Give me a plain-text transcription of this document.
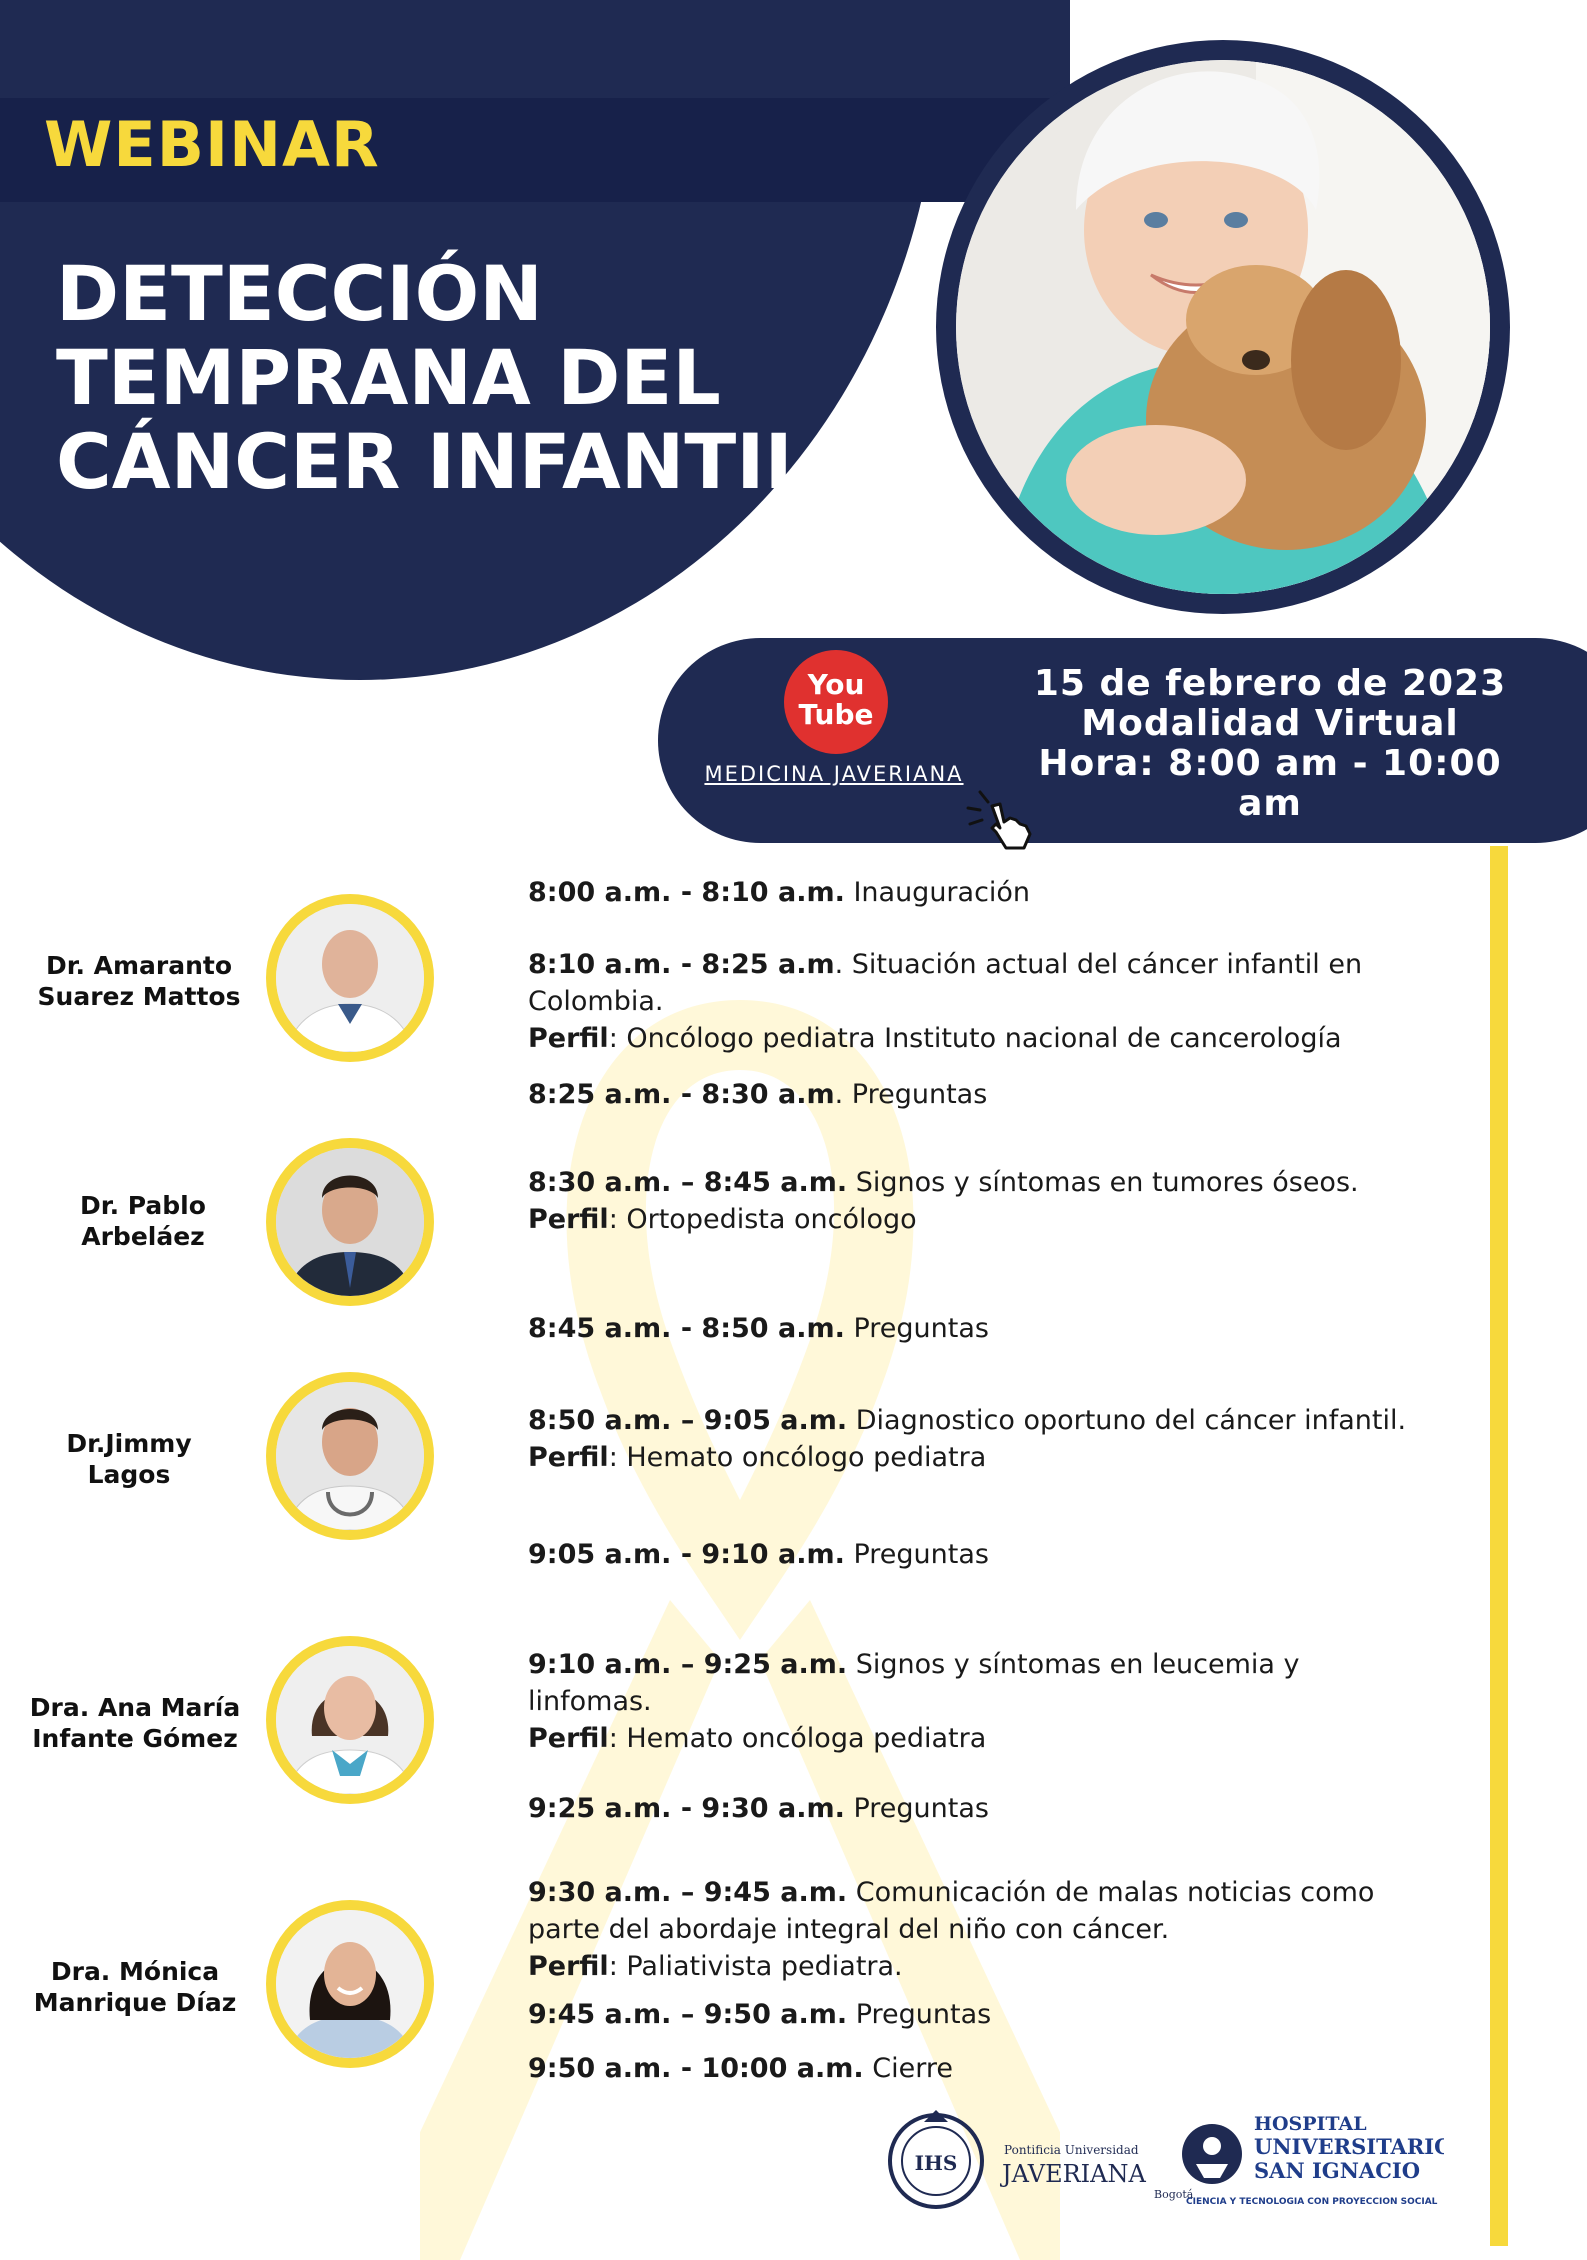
WEBINAR
DETECCIÓN
TEMPRANA DEL
CÁNCER INFANTIL
You
Tube
MEDICINA JAVERIANA
15 de febrero de 2023
Modalidad Virtual
Hora: 8:00 am - 10:00 am
Dr. Amaranto
Suarez Mattos
Dr. Pablo
Arbeláez
Dr.Jimmy
Lagos
Dra. Ana María
Infante Gómez
Dra. Mónica
Manrique Díaz
8:00 a.m. - 8:10 a.m. Inauguración
8:10 a.m. - 8:25 a.m. Situación actual del cáncer infantil en Colombia.
Perfil: Oncólogo pediatra Instituto nacional de cancerología
8:25 a.m. - 8:30 a.m. Preguntas
8:30 a.m. – 8:45 a.m. Signos y síntomas en tumores óseos.
Perfil: Ortopedista oncólogo
8:45 a.m. - 8:50 a.m. Preguntas
8:50 a.m. – 9:05 a.m. Diagnostico oportuno del cáncer infantil.
Perfil: Hemato oncólogo pediatra
9:05 a.m. - 9:10 a.m. Preguntas
9:10 a.m. – 9:25 a.m. Signos y síntomas en leucemia y
linfomas.
Perfil: Hemato oncóloga pediatra
9:25 a.m. - 9:30 a.m. Preguntas
9:30 a.m. – 9:45 a.m. Comunicación de malas noticias como
parte del abordaje integral del niño con cáncer.
Perfil: Paliativista pediatra.
9:45 a.m. – 9:50 a.m. Preguntas
9:50 a.m. - 10:00 a.m. Cierre
IHS
Pontificia Universidad
JAVERIANA
Bogotá
HOSPITAL
UNIVERSITARIO
SAN IGNACIO
CIENCIA Y TECNOLOGIA CON PROYECCION SOCIAL
